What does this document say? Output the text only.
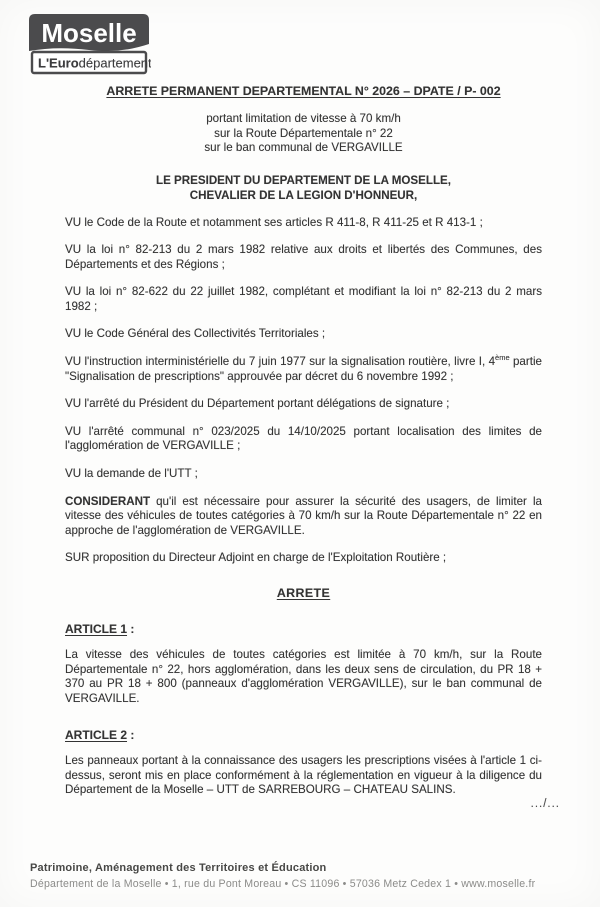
Moselle
L'Eurodépartement
ARRETE PERMANENT DEPARTEMENTAL N° 2026 – DPATE / P- 002
portant limitation de vitesse à 70 km/h
sur la Route Départementale n° 22
sur le ban communal de VERGAVILLE
LE PRESIDENT DU DEPARTEMENT DE LA MOSELLE,
CHEVALIER DE LA LEGION D'HONNEUR,

VU le Code de la Route et notamment ses articles R 411-8, R 411-25 et R 413-1 ;

VU la loi n° 82-213 du 2 mars 1982 relative aux droits et libertés des Communes, des Départements et des Régions ;

VU la loi n° 82-622 du 22 juillet 1982, complétant et modifiant la loi n° 82-213 du 2 mars 1982 ;

VU le Code Général des Collectivités Territoriales ;

VU l'instruction interministérielle du 7 juin 1977 sur la signalisation routière, livre I, 4ème partie "Signalisation de prescriptions" approuvée par décret du 6 novembre 1992 ;

VU l'arrêté du Président du Département portant délégations de signature ;

VU l'arrêté communal n° 023/2025 du 14/10/2025 portant localisation des limites de l'agglomération de VERGAVILLE ;

VU la demande de l'UTT ;

CONSIDERANT qu'il est nécessaire pour assurer la sécurité des usagers, de limiter la vitesse des véhicules de toutes catégories à 70 km/h sur la Route Départementale n° 22 en approche de l'agglomération de VERGAVILLE.

SUR proposition du Directeur Adjoint en charge de l'Exploitation Routière ;

ARRETE
ARTICLE 1 :

La vitesse des véhicules de toutes catégories est limitée à 70 km/h, sur la Route Départementale n° 22, hors agglomération, dans les deux sens de circulation, du PR 18 + 370 au PR 18 + 800 (panneaux d'agglomération VERGAVILLE), sur le ban communal de VERGAVILLE.

ARTICLE 2 :

Les panneaux portant à la connaissance des usagers les prescriptions visées à l'article 1 ci-dessus, seront mis en place conformément à la réglementation en vigueur à la diligence du Département de la Moselle – UTT de SARREBOURG – CHATEAU SALINS.

.../...
Patrimoine, Aménagement des Territoires et Éducation
Département de la Moselle • 1, rue du Pont Moreau • CS 11096 • 57036 Metz Cedex 1 • www.moselle.fr
